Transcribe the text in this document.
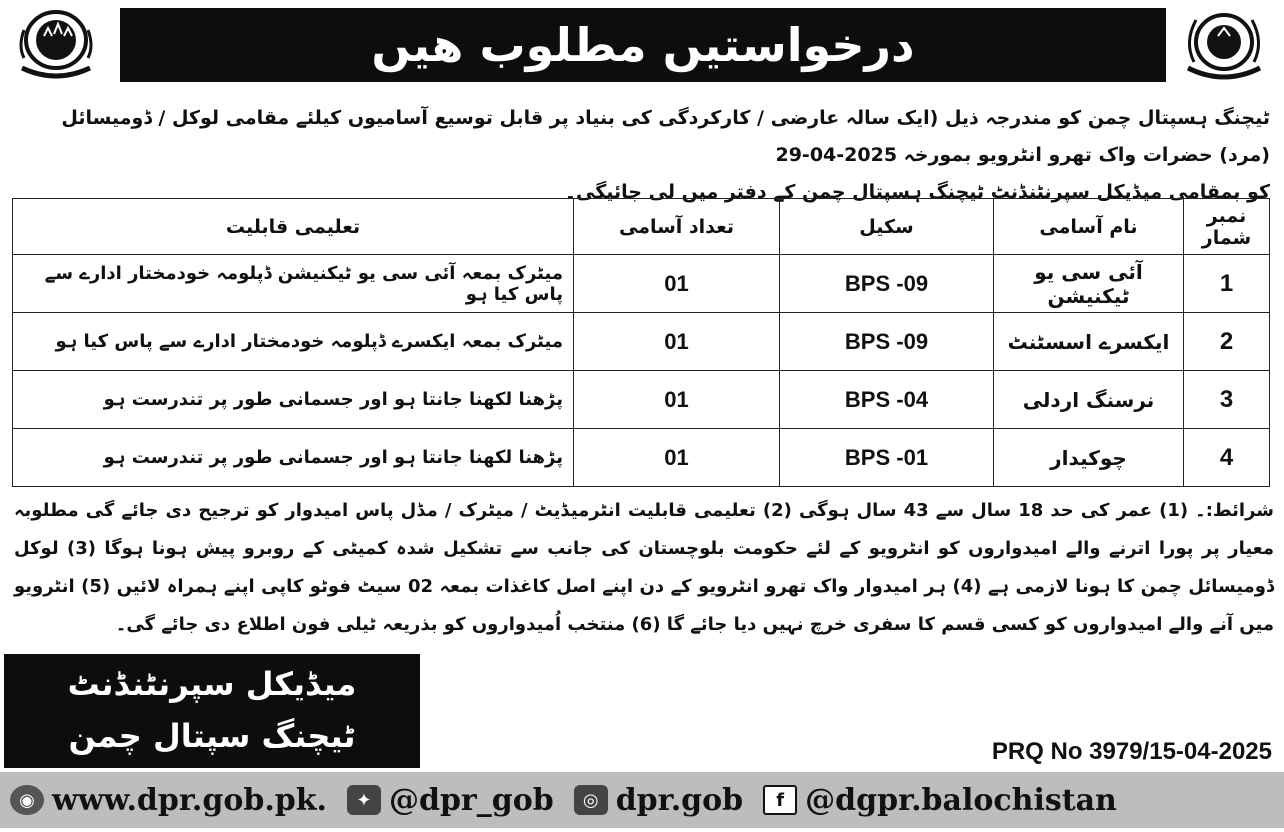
درخواستیں مطلوب ھیں
ٹیچنگ ہسپتال چمن کو مندرجہ ذیل (ایک سالہ عارضی / کارکردگی کی بنیاد پر قابل توسیع آسامیوں کیلئے مقامی لوکل / ڈومیسائل (مرد) حضرات واک تھرو انٹرویو بمورخہ 2025-04-29
کو بمقامی میڈیکل سپرنٹنڈنٹ ٹیچنگ ہسپتال چمن کے دفتر میں لی جائیگی۔
نمبر شمار	نام آسامی	سکیل	تعداد آسامی	تعلیمی قابلیت
1	آئی سی یو ٹیکنیشن	BPS -09	01	میٹرک بمعہ آئی سی یو ٹیکنیشن ڈپلومہ خودمختار ادارے سے پاس کیا ہو
2	ایکسرے اسسٹنٹ	BPS -09	01	میٹرک بمعہ ایکسرے ڈپلومہ خودمختار ادارے سے پاس کیا ہو
3	نرسنگ اردلی	BPS -04	01	پڑھنا لکھنا جانتا ہو اور جسمانی طور پر تندرست ہو
4	چوکیدار	BPS -01	01	پڑھنا لکھنا جانتا ہو اور جسمانی طور پر تندرست ہو
شرائط:۔ (1) عمر کی حد 18 سال سے 43 سال ہوگی (2) تعلیمی قابلیت انٹرمیڈیٹ / میٹرک / مڈل پاس امیدوار کو ترجیح دی جائے گی مطلوبہ معیار پر پورا اترنے والے امیدواروں کو انٹرویو کے لئے حکومت بلوچستان کی جانب سے تشکیل شدہ کمیٹی کے روبرو پیش ہونا ہوگا (3) لوکل ڈومیسائل چمن کا ہونا لازمی ہے (4) ہر امیدوار واک تھرو انٹرویو کے دن اپنے اصل کاغذات بمعہ 02 سیٹ فوٹو کاپی اپنے ہمراہ لائیں (5) انٹرویو میں آنے والے امیدواروں کو کسی قسم کا سفری خرچ نہیں دیا جائے گا (6) منتخب اُمیدواروں کو بذریعہ ٹیلی فون اطلاع دی جائے گی۔
میڈیکل سپرنٹنڈنٹ
ٹیچنگ سپتال چمن	PRQ No 3979/15-04-2025
◉ www.dpr.gob.pk.	✦ @dpr_gob	◎ dpr.gob	f @dgpr.balochistan
